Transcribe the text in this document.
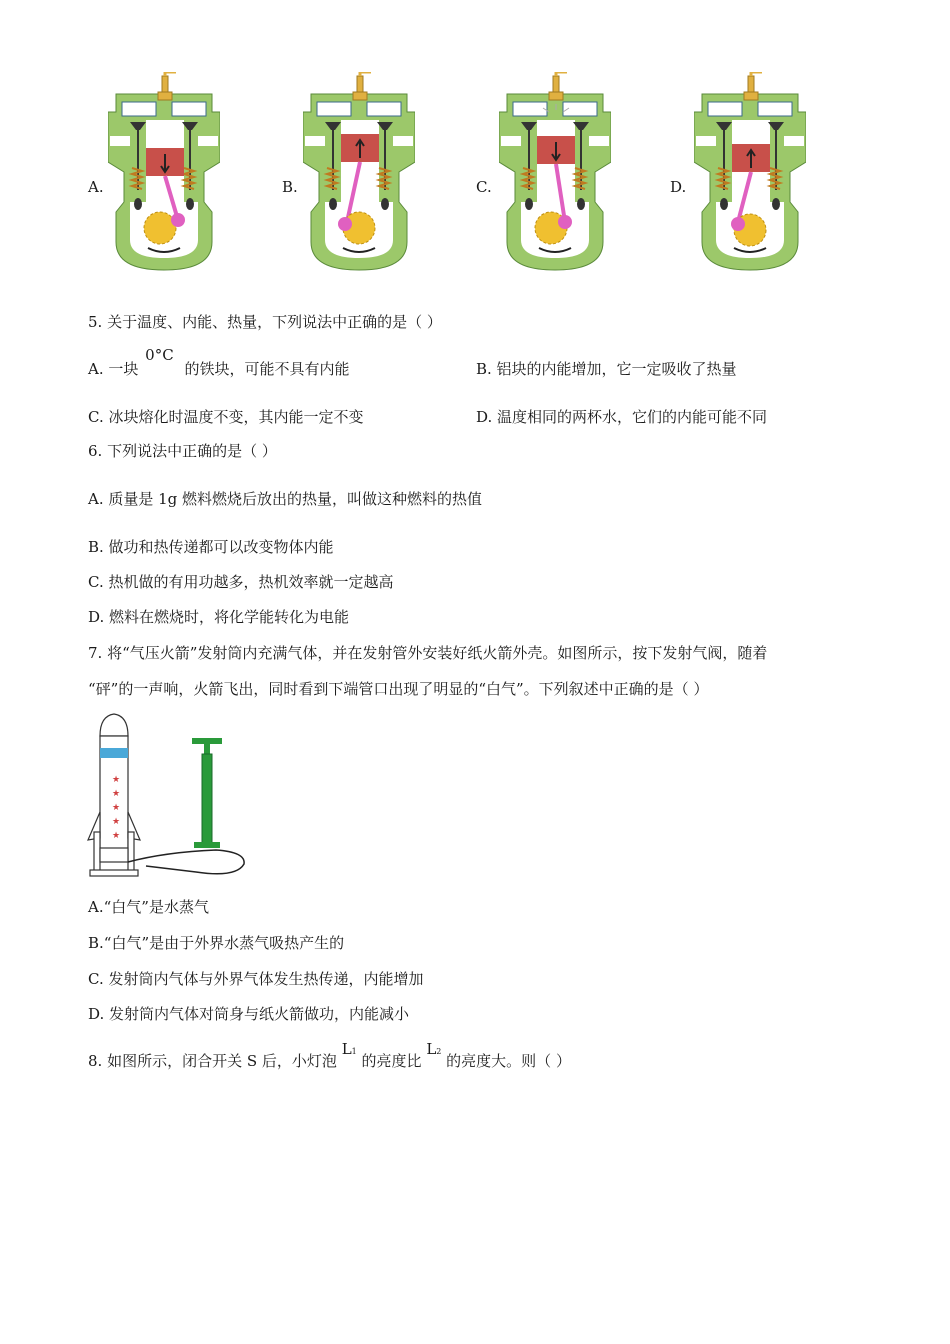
A.	B.	C.	D.
5. 关于温度、内能、热量，下列说法中正确的是（ ）
A. 一块 0°C 的铁块，可能不具有内能	B. 铝块的内能增加，它一定吸收了热量
C. 冰块熔化时温度不变，其内能一定不变	D. 温度相同的两杯水，它们的内能可能不同
6. 下列说法中正确的是（ ）
A. 质量是 1g 燃料燃烧后放出的热量，叫做这种燃料的热值
B. 做功和热传递都可以改变物体内能
C. 热机做的有用功越多，热机效率就一定越高
D. 燃料在燃烧时，将化学能转化为电能
7. 将“气压火箭”发射筒内充满气体，并在发射管外安装好纸火箭外壳。如图所示，按下发射气阀，随着
“砰”的一声响，火箭飞出，同时看到下端管口出现了明显的“白气”。下列叙述中正确的是（ ）
★
★
★
★
★
A.“白气”是水蒸气
B.“白气”是由于外界水蒸气吸热产生的
C. 发射筒内气体与外界气体发生热传递，内能增加
D. 发射筒内气体对筒身与纸火箭做功，内能减小
8. 如图所示，闭合开关 S 后，小灯泡 L1 的亮度比 L2 的亮度大。则（ ）
